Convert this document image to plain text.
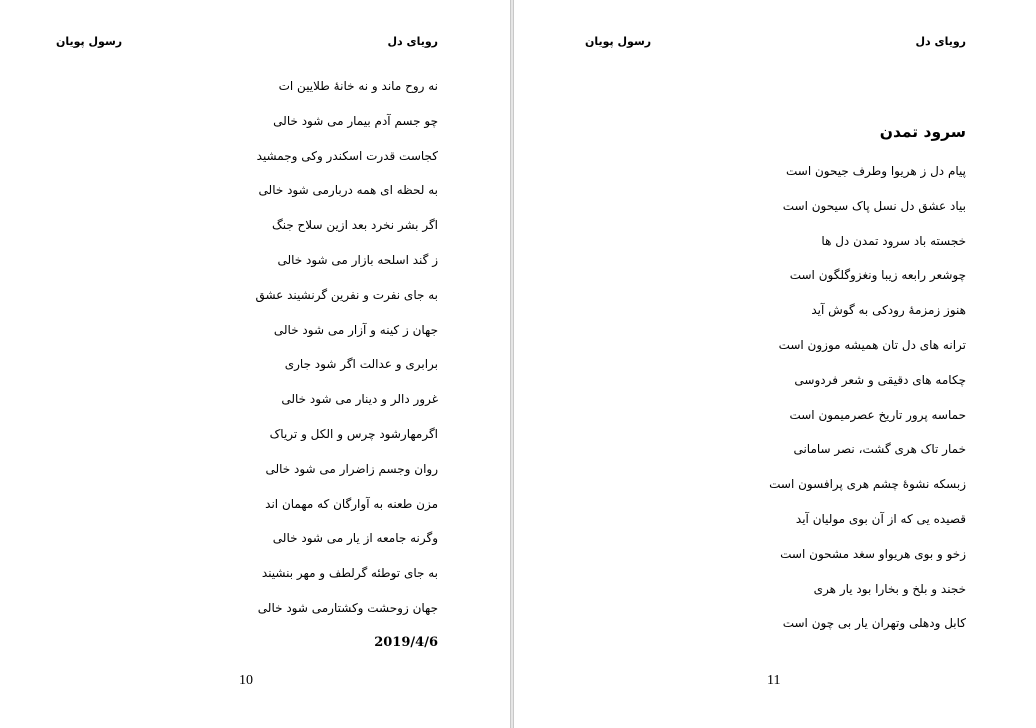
رسول پویان	رویای دل
نه روح ماند و نه خانۀ طلایین ات
چو جسم آدم بیمار می شود خالی
کجاست قدرت اسکندر وکی وجمشید
به لحظه ای همه دربارمی شود خالی
اگر بشر نخرد بعد ازین سلاح جنگ
ز گند اسلحه بازار می شود خالی
به جای نفرت و نفرین گرنشیند عشق
جهان ز کینه و آزار می شود خالی
برابری و عدالت اگر شود جاری
غرور دالر و دینار می شود خالی
اگرمهارشود چرس و الکل و تریاک
روان وجسم زاضرار می شود خالی
مزن طعنه به آوارگان که مهمان اند
وگرنه جامعه از یار می شود خالی
به جای توطئه گرلطف و مهر بنشیند
جهان زوحشت وکشتارمی شود خالی
2019/4/6
10
رسول پویان	رویای دل
سرود تمدن
پیام دل ز هریوا وطرف جیحون است
بیاد عشق دل نسل پاک سیحون است
خجسته باد سرود تمدن دل ها
چوشعر رابعه زیبا ونغزوگلگون است
هنوز زمزمۀ رودکی به گوش آید
ترانه های دل تان همیشه موزون است
چکامه های دقیقی و شعر فردوسی
حماسه پرور تاریخ عصرمیمون است
خمار تاک هری گشت، نصر سامانی
زبسکه نشوۀ چشم هری پرافسون است
قصیده یی که از آن بوی مولیان آید
زخو و بوی هریواو سغد مشحون است
خجند و بلخ و بخارا بود یار هری
کابل ودهلی وتهران یار بی چون است
11
